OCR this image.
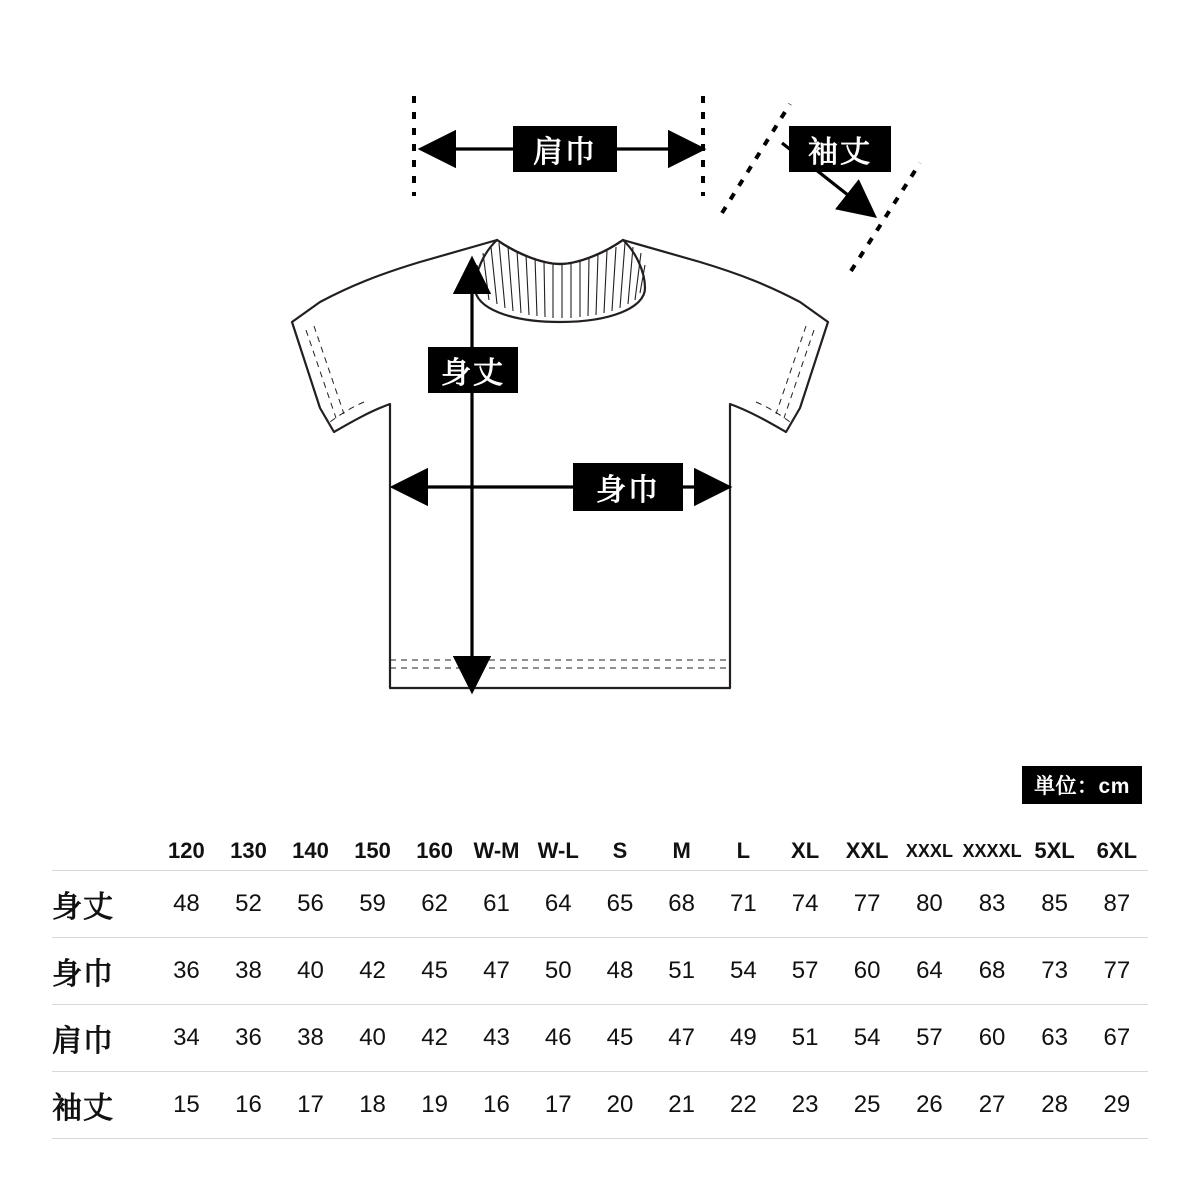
肩巾	袖丈
身丈
身巾
単位：cm
	120	130	140	150	160	W-M	W-L	S	M	L	XL	XXL	XXXL	XXXXL	5XL	6XL
身丈	48	52	56	59	62	61	64	65	68	71	74	77	80	83	85	87
身巾	36	38	40	42	45	47	50	48	51	54	57	60	64	68	73	77
肩巾	34	36	38	40	42	43	46	45	47	49	51	54	57	60	63	67
袖丈	15	16	17	18	19	16	17	20	21	22	23	25	26	27	28	29
